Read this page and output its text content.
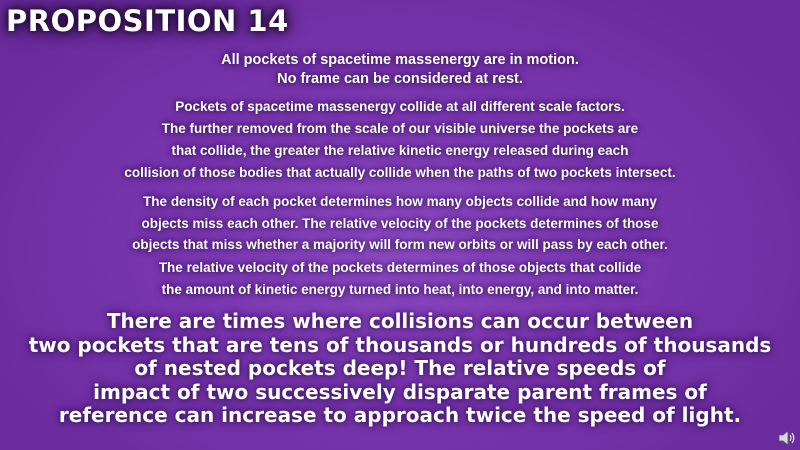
PROPOSITION 14

All pockets of spacetime massenergy are in motion.
No frame can be considered at rest.

Pockets of spacetime massenergy collide at all different scale factors.
The further removed from the scale of our visible universe the pockets are
that collide, the greater the relative kinetic energy released during each
collision of those bodies that actually collide when the paths of two pockets intersect.

The density of each pocket determines how many objects collide and how many
objects miss each other. The relative velocity of the pockets determines of those
objects that miss whether a majority will form new orbits or will pass by each other.

The relative velocity of the pockets determines of those objects that collide
the amount of kinetic energy turned into heat, into energy, and into matter.

There are times where collisions can occur between
two pockets that are tens of thousands or hundreds of thousands
of nested pockets deep! The relative speeds of
impact of two successively disparate parent frames of
reference can increase to approach twice the speed of light.
